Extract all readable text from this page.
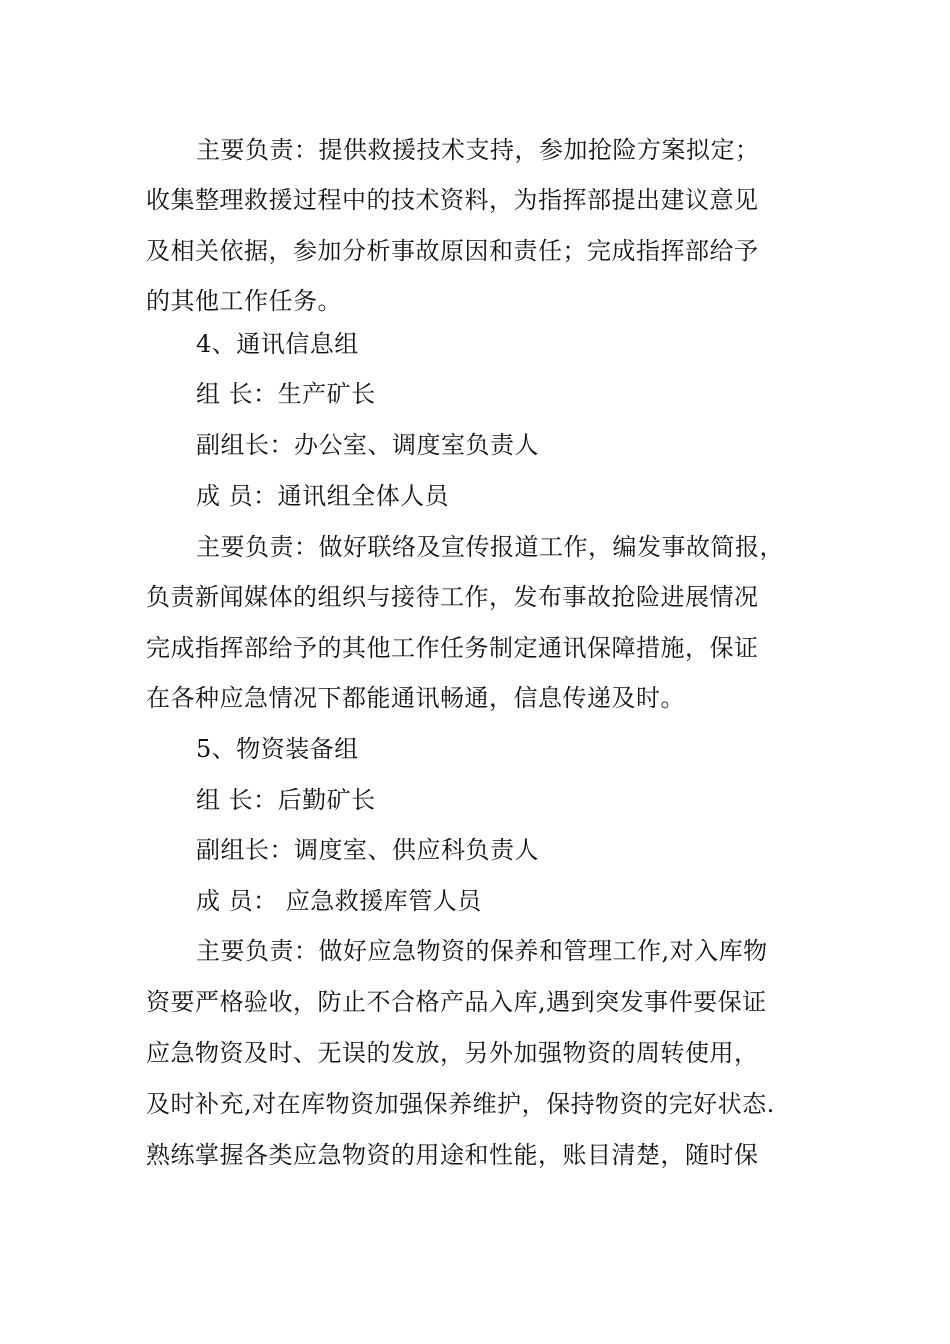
主要负责：提供救援技术支持，参加抢险方案拟定；
收集整理救援过程中的技术资料，为指挥部提出建议意见
及相关依据，参加分析事故原因和责任；完成指挥部给予
的其他工作任务。
4、通讯信息组
组 长：生产矿长
副组长：办公室、调度室负责人
成 员：通讯组全体人员
主要负责：做好联络及宣传报道工作，编发事故简报，
负责新闻媒体的组织与接待工作，发布事故抢险进展情况
完成指挥部给予的其他工作任务制定通讯保障措施，保证
在各种应急情况下都能通讯畅通，信息传递及时。
5、物资装备组
组 长：后勤矿长
副组长：调度室、供应科负责人
成 员： 应急救援库管人员
主要负责：做好应急物资的保养和管理工作,对入库物
资要严格验收，防止不合格产品入库,遇到突发事件要保证
应急物资及时、无误的发放，另外加强物资的周转使用，
及时补充,对在库物资加强保养维护，保持物资的完好状态.
熟练掌握各类应急物资的用途和性能，账目清楚，随时保
